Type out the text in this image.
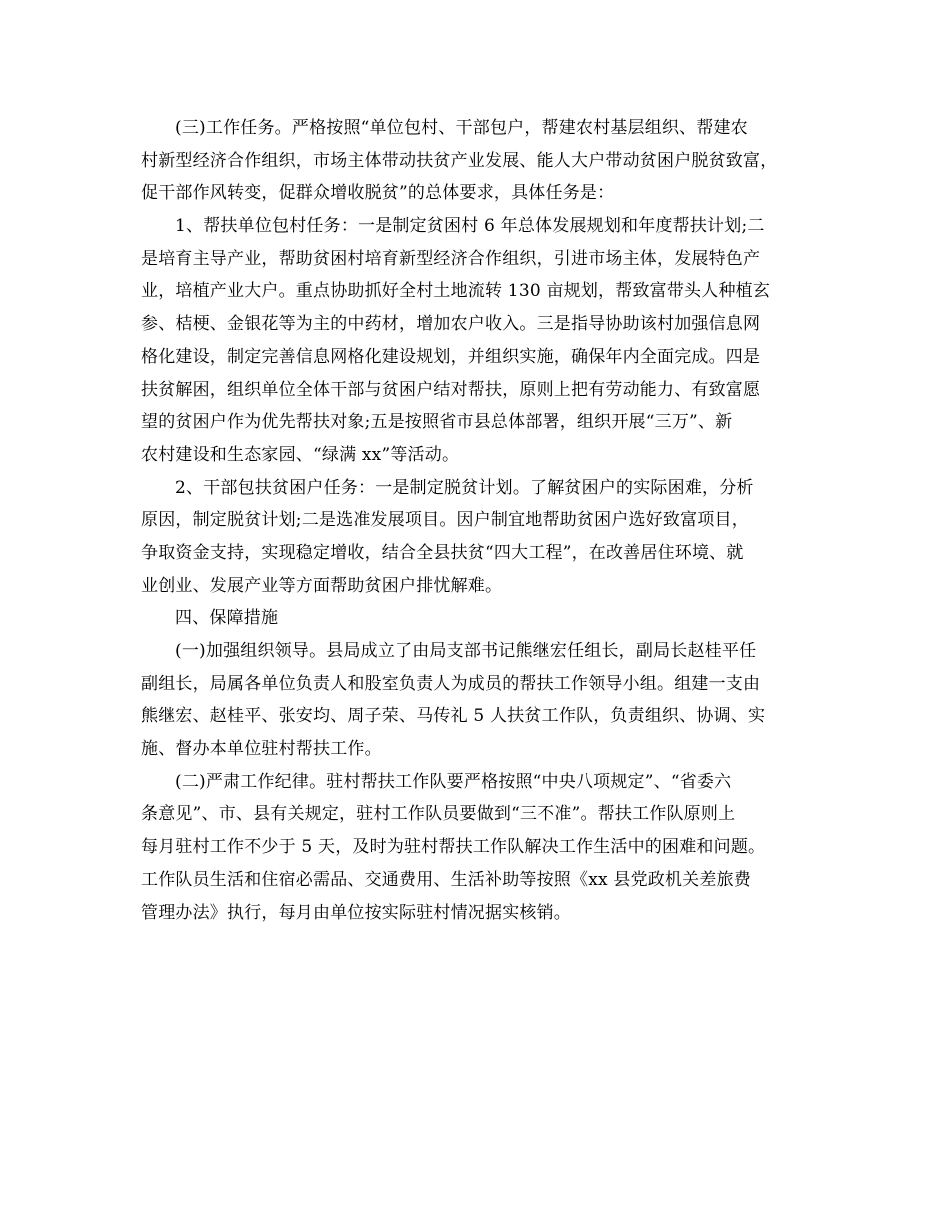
(三)工作任务。严格按照“单位包村、干部包户，帮建农村基层组织、帮建农
村新型经济合作组织，市场主体带动扶贫产业发展、能人大户带动贫困户脱贫致富，
促干部作风转变，促群众增收脱贫”的总体要求，具体任务是：
1、帮扶单位包村任务：一是制定贫困村 6 年总体发展规划和年度帮扶计划;二
是培育主导产业，帮助贫困村培育新型经济合作组织，引进市场主体，发展特色产
业，培植产业大户。重点协助抓好全村土地流转 130 亩规划，帮致富带头人种植玄
参、桔梗、金银花等为主的中药材，增加农户收入。三是指导协助该村加强信息网
格化建设，制定完善信息网格化建设规划，并组织实施，确保年内全面完成。四是
扶贫解困，组织单位全体干部与贫困户结对帮扶，原则上把有劳动能力、有致富愿
望的贫困户作为优先帮扶对象;五是按照省市县总体部署，组织开展“三万”、新
农村建设和生态家园、“绿满 xx”等活动。
2、干部包扶贫困户任务：一是制定脱贫计划。了解贫困户的实际困难，分析
原因，制定脱贫计划;二是选准发展项目。因户制宜地帮助贫困户选好致富项目，
争取资金支持，实现稳定增收，结合全县扶贫“四大工程”，在改善居住环境、就
业创业、发展产业等方面帮助贫困户排忧解难。
四、保障措施
(一)加强组织领导。县局成立了由局支部书记熊继宏任组长，副局长赵桂平任
副组长，局属各单位负责人和股室负责人为成员的帮扶工作领导小组。组建一支由
熊继宏、赵桂平、张安均、周子荣、马传礼 5 人扶贫工作队，负责组织、协调、实
施、督办本单位驻村帮扶工作。
(二)严肃工作纪律。驻村帮扶工作队要严格按照“中央八项规定”、“省委六
条意见”、市、县有关规定，驻村工作队员要做到“三不准”。帮扶工作队原则上
每月驻村工作不少于 5 天，及时为驻村帮扶工作队解决工作生活中的困难和问题。
工作队员生活和住宿必需品、交通费用、生活补助等按照《xx 县党政机关差旅费
管理办法》执行，每月由单位按实际驻村情况据实核销。
